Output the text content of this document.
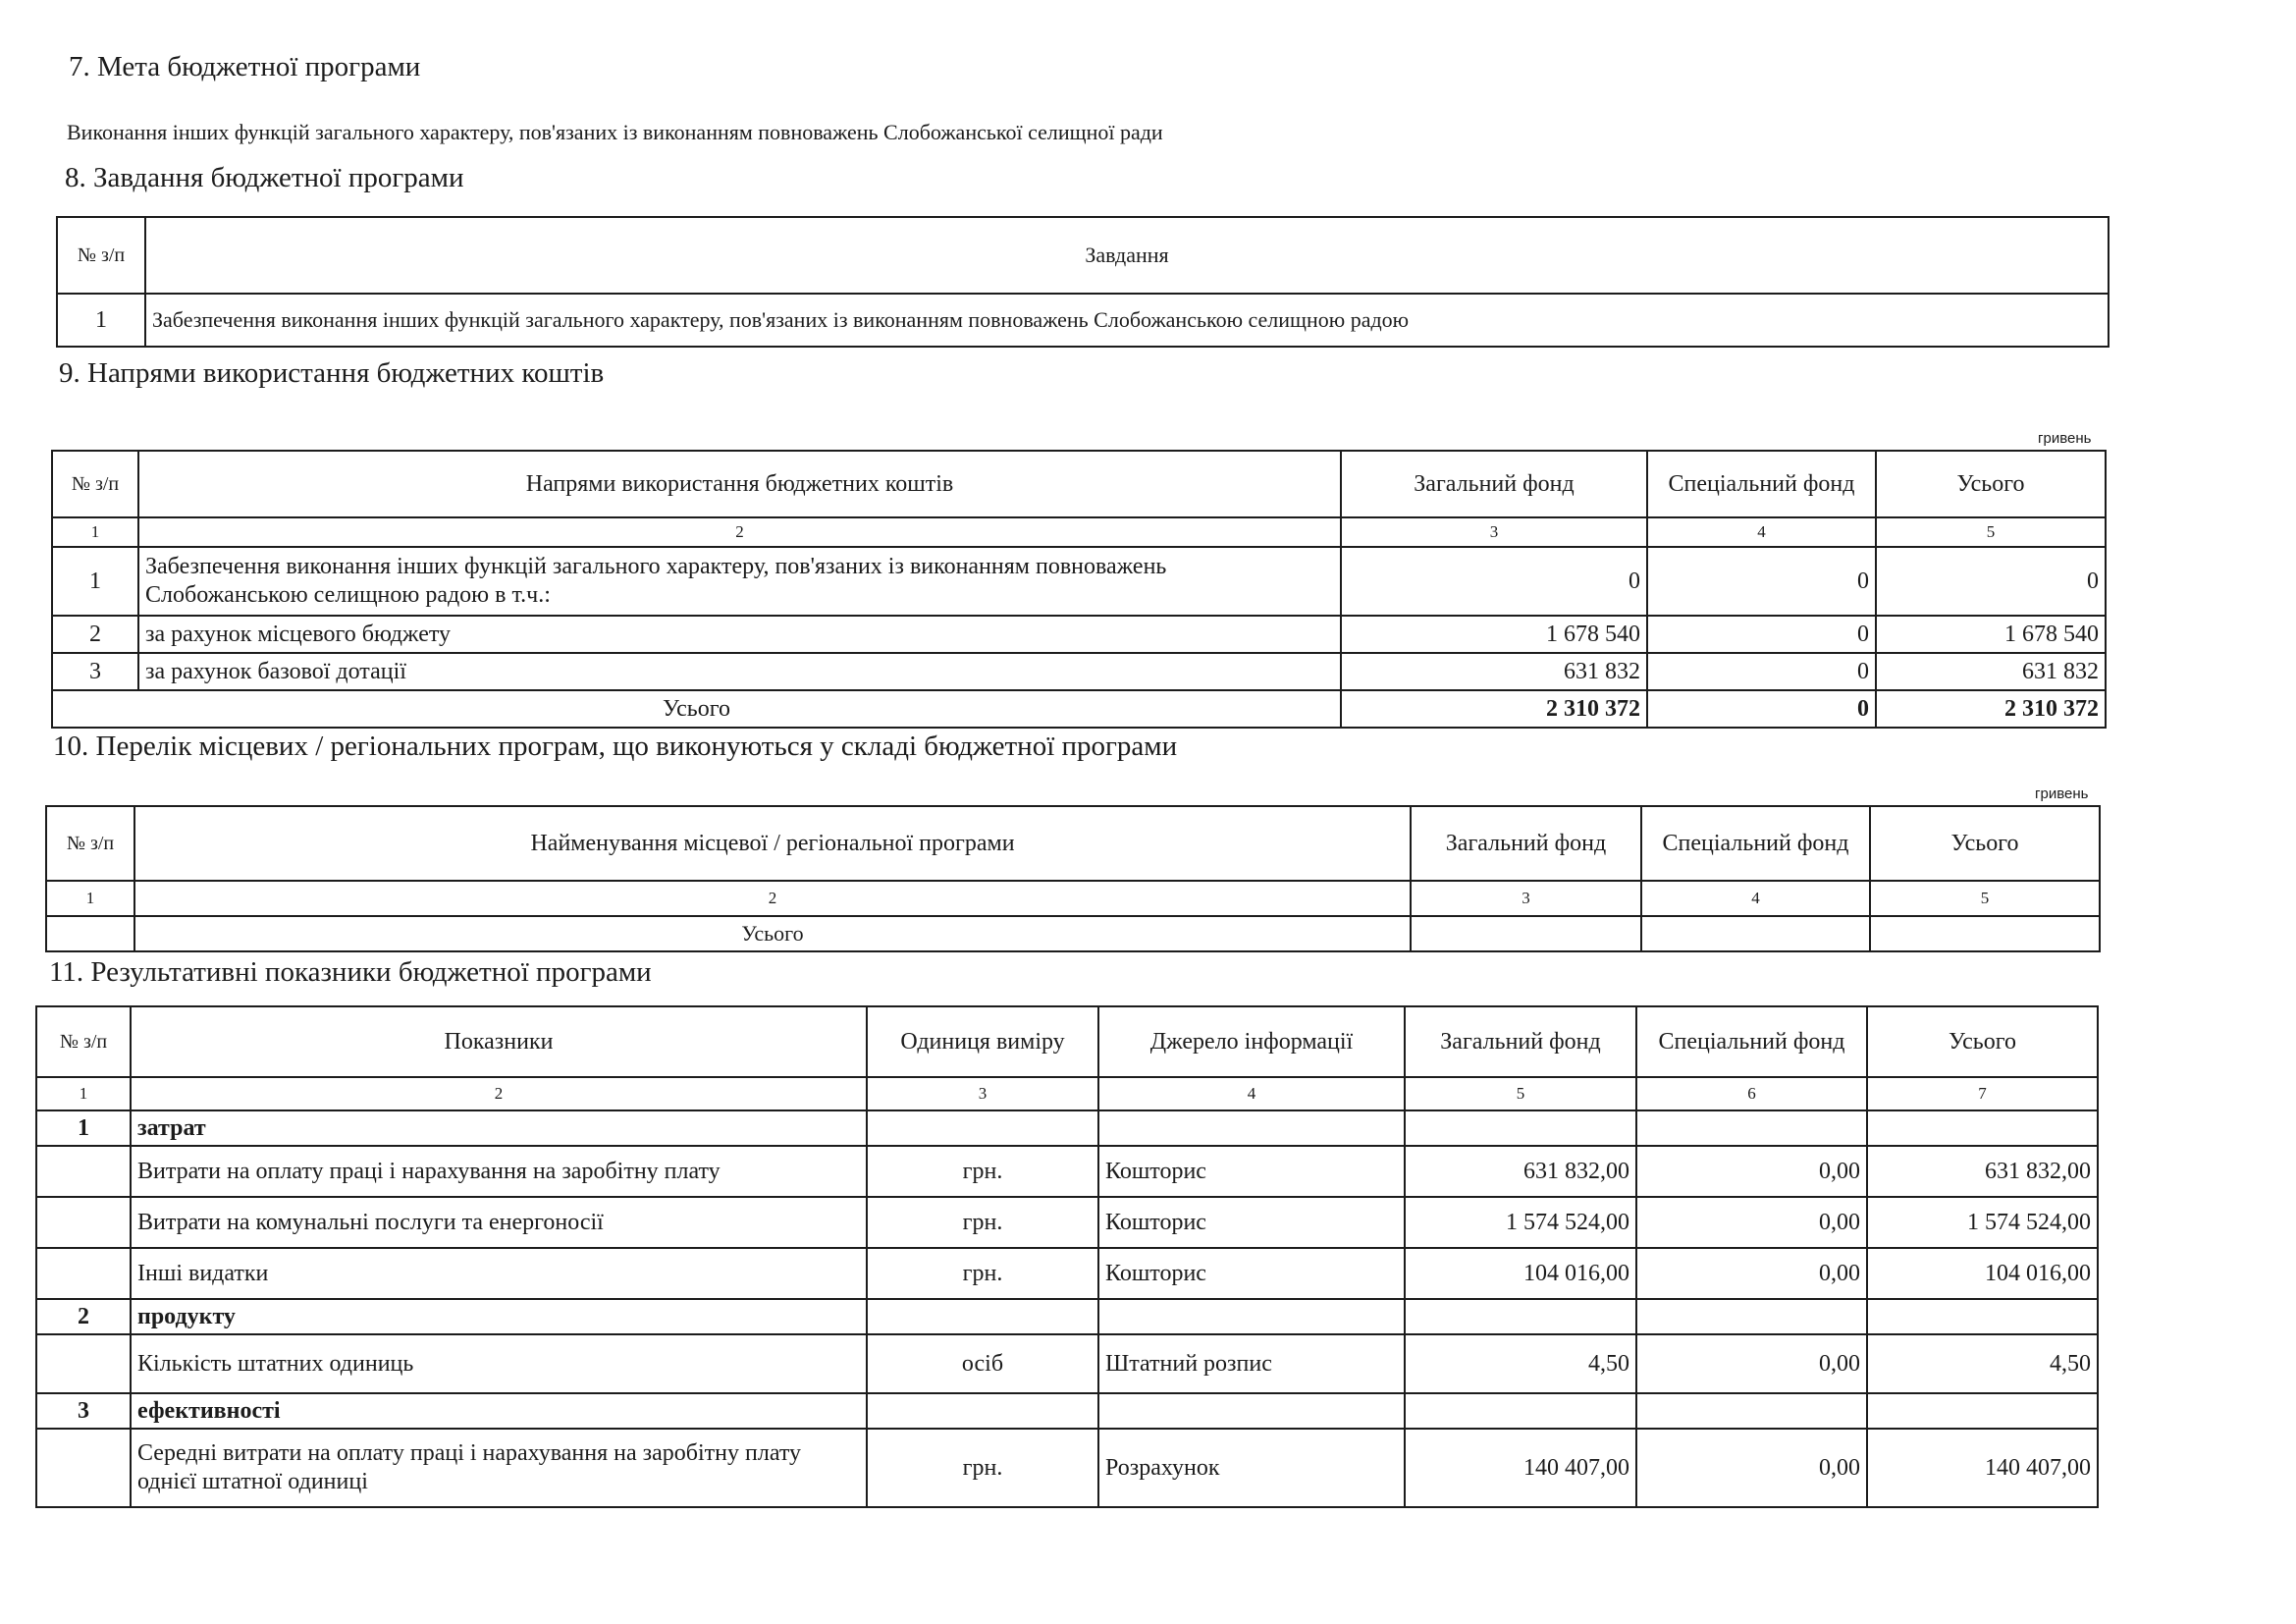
7. Мета бюджетної програми
Виконання інших функцій загального характеру, пов'язаних із виконанням повноважень Слобожанської селищної ради
8. Завдання бюджетної програми
№ з/п	Завдання
1	Забезпечення виконання інших функцій загального характеру, пов'язаних із виконанням повноважень Слобожанською селищною радою
9. Напрями використання бюджетних коштів
гривень
№ з/п	Напрями використання бюджетних коштів	Загальний фонд	Спеціальний фонд	Усього
1	2	3	4	5
1	Забезпечення виконання інших функцій загального характеру, пов'язаних із виконанням повноважень Слобожанською селищною радою в т.ч.:	0	0	0
2	за рахунок місцевого бюджету	1 678 540	0	1 678 540
3	за рахунок базової дотації	631 832	0	631 832
Усього		2 310 372	0	2 310 372
10. Перелік місцевих / регіональних програм, що виконуються у складі бюджетної програми
гривень
№ з/п	Найменування місцевої / регіональної програми	Загальний фонд	Спеціальний фонд	Усього
1	2	3	4	5
	Усього			
11. Результативні показники бюджетної програми
№ з/п	Показники	Одиниця виміру	Джерело інформації	Загальний фонд	Спеціальний фонд	Усього
1	2	3	4	5	6	7
1	затрат					
	Витрати на оплату праці і нарахування на заробітну плату	грн.	Кошторис	631 832,00	0,00	631 832,00
	Витрати на комунальні послуги та енергоносії	грн.	Кошторис	1 574 524,00	0,00	1 574 524,00
	Інші видатки	грн.	Кошторис	104 016,00	0,00	104 016,00
2	продукту					
	Кількість штатних одиниць	осіб	Штатний розпис	4,50	0,00	4,50
3	ефективності					
	Середні витрати на оплату праці і нарахування на заробітну плату однієї штатної одиниці	грн.	Розрахунок	140 407,00	0,00	140 407,00
